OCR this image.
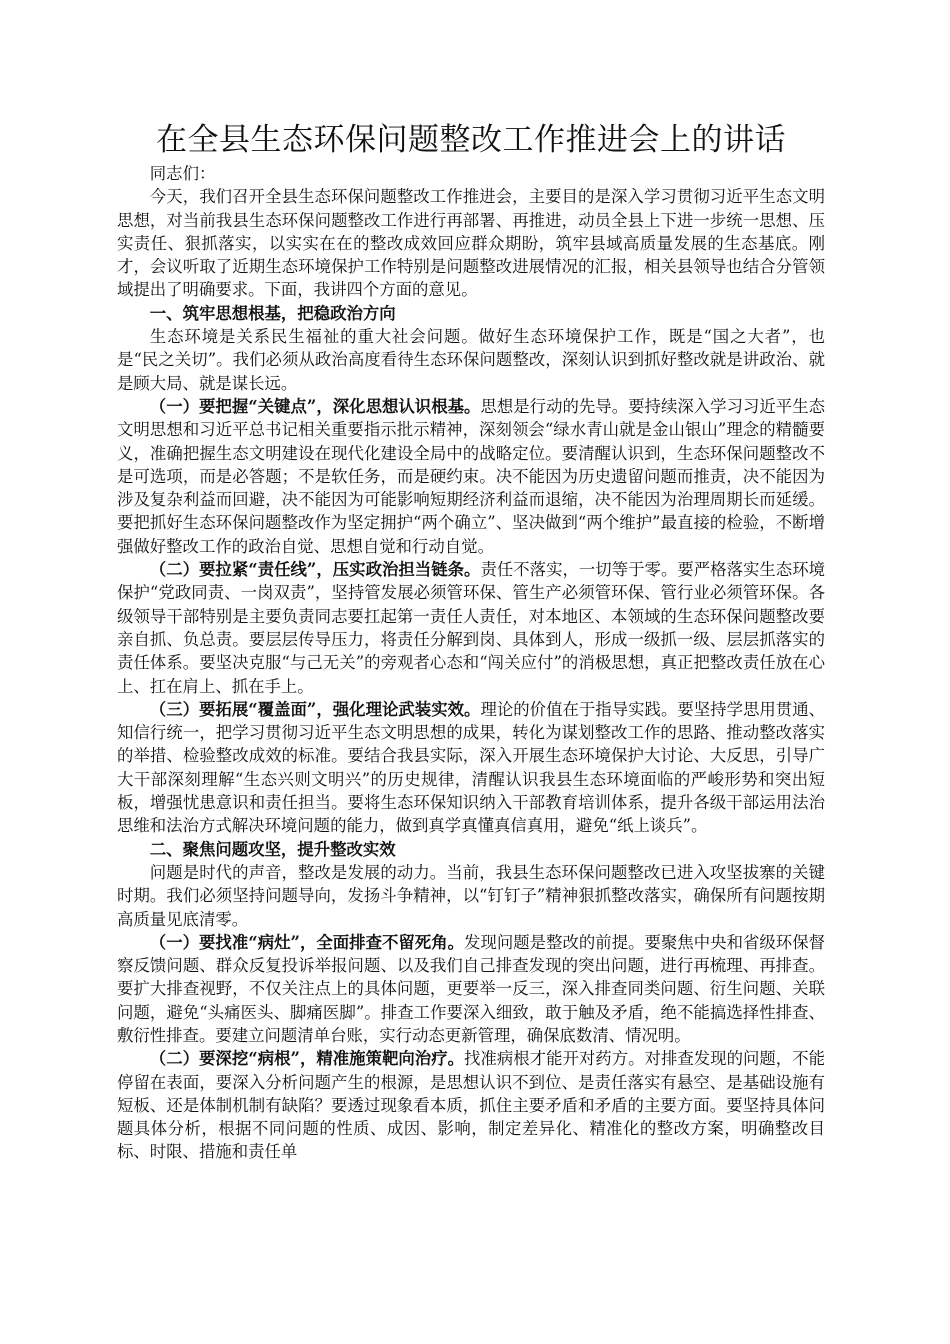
在全县生态环保问题整改工作推进会上的讲话

同志们：

今天，我们召开全县生态环保问题整改工作推进会，主要目的是深入学习贯彻习近平生态文明思想，对当前我县生态环保问题整改工作进行再部署、再推进，动员全县上下进一步统一思想、压实责任、狠抓落实，以实实在在的整改成效回应群众期盼，筑牢县域高质量发展的生态基底。刚才，会议听取了近期生态环境保护工作特别是问题整改进展情况的汇报，相关县领导也结合分管领域提出了明确要求。下面，我讲四个方面的意见。

一、筑牢思想根基，把稳政治方向

生态环境是关系民生福祉的重大社会问题。做好生态环境保护工作，既是“国之大者”，也是“民之关切”。我们必须从政治高度看待生态环保问题整改，深刻认识到抓好整改就是讲政治、就是顾大局、就是谋长远。

（一）要把握“关键点”，深化思想认识根基。思想是行动的先导。要持续深入学习习近平生态文明思想和习近平总书记相关重要指示批示精神，深刻领会“绿水青山就是金山银山”理念的精髓要义，准确把握生态文明建设在现代化建设全局中的战略定位。要清醒认识到，生态环保问题整改不是可选项，而是必答题；不是软任务，而是硬约束。决不能因为历史遗留问题而推责，决不能因为涉及复杂利益而回避，决不能因为可能影响短期经济利益而退缩，决不能因为治理周期长而延缓。要把抓好生态环保问题整改作为坚定拥护“两个确立”、坚决做到“两个维护”最直接的检验，不断增强做好整改工作的政治自觉、思想自觉和行动自觉。

（二）要拉紧“责任线”，压实政治担当链条。责任不落实，一切等于零。要严格落实生态环境保护“党政同责、一岗双责”，坚持管发展必须管环保、管生产必须管环保、管行业必须管环保。各级领导干部特别是主要负责同志要扛起第一责任人责任，对本地区、本领域的生态环保问题整改要亲自抓、负总责。要层层传导压力，将责任分解到岗、具体到人，形成一级抓一级、层层抓落实的责任体系。要坚决克服“与己无关”的旁观者心态和“闯关应付”的消极思想，真正把整改责任放在心上、扛在肩上、抓在手上。

（三）要拓展“覆盖面”，强化理论武装实效。理论的价值在于指导实践。要坚持学思用贯通、知信行统一，把学习贯彻习近平生态文明思想的成果，转化为谋划整改工作的思路、推动整改落实的举措、检验整改成效的标准。要结合我县实际，深入开展生态环境保护大讨论、大反思，引导广大干部深刻理解“生态兴则文明兴”的历史规律，清醒认识我县生态环境面临的严峻形势和突出短板，增强忧患意识和责任担当。要将生态环保知识纳入干部教育培训体系，提升各级干部运用法治思维和法治方式解决环境问题的能力，做到真学真懂真信真用，避免“纸上谈兵”。

二、聚焦问题攻坚，提升整改实效

问题是时代的声音，整改是发展的动力。当前，我县生态环保问题整改已进入攻坚拔寨的关键时期。我们必须坚持问题导向，发扬斗争精神，以“钉钉子”精神狠抓整改落实，确保所有问题按期高质量见底清零。

（一）要找准“病灶”，全面排查不留死角。发现问题是整改的前提。要聚焦中央和省级环保督察反馈问题、群众反复投诉举报问题、以及我们自己排查发现的突出问题，进行再梳理、再排查。要扩大排查视野，不仅关注点上的具体问题，更要举一反三，深入排查同类问题、衍生问题、关联问题，避免“头痛医头、脚痛医脚”。排查工作要深入细致，敢于触及矛盾，绝不能搞选择性排查、敷衍性排查。要建立问题清单台账，实行动态更新管理，确保底数清、情况明。

（二）要深挖“病根”，精准施策靶向治疗。找准病根才能开对药方。对排查发现的问题，不能停留在表面，要深入分析问题产生的根源，是思想认识不到位、是责任落实有悬空、是基础设施有短板、还是体制机制有缺陷？要透过现象看本质，抓住主要矛盾和矛盾的主要方面。要坚持具体问题具体分析，根据不同问题的性质、成因、影响，制定差异化、精准化的整改方案，明确整改目标、时限、措施和责任单
